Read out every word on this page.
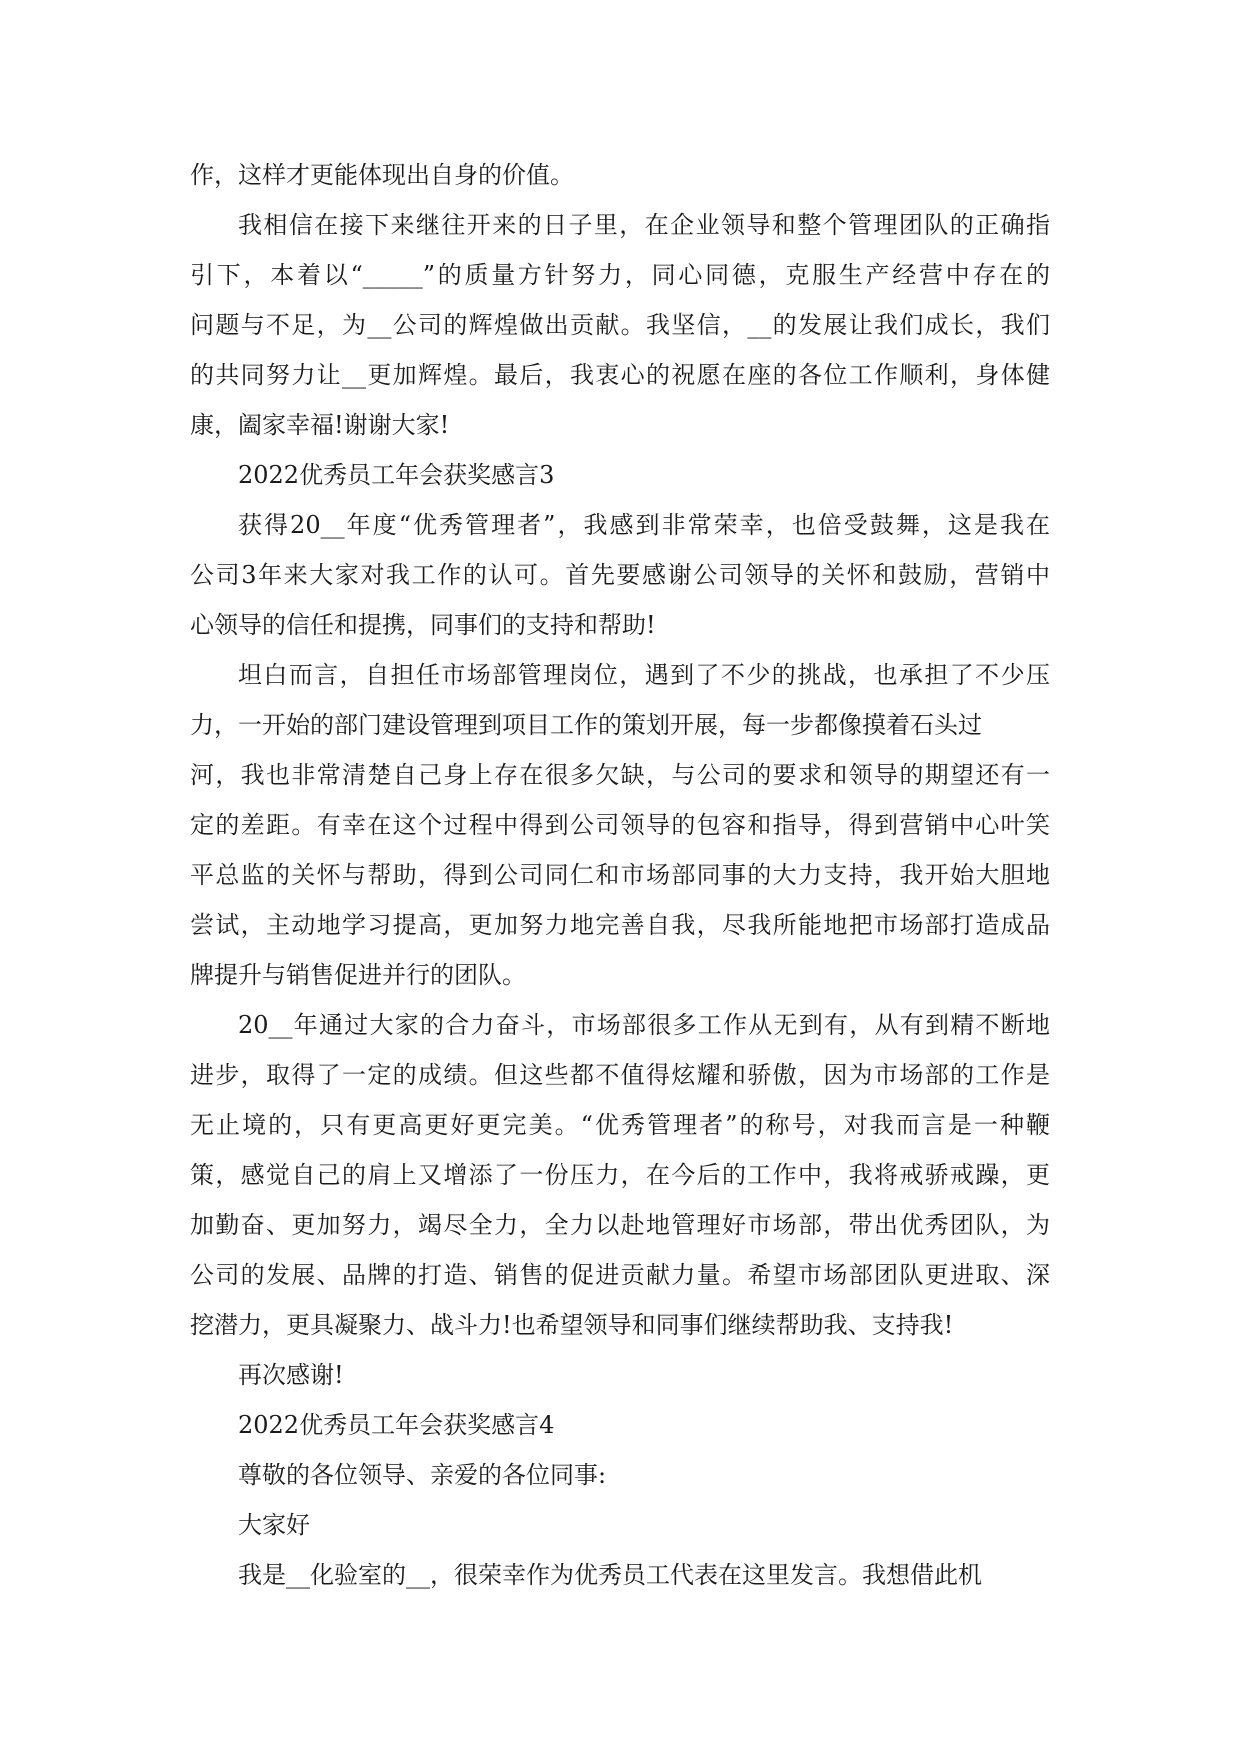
作，这样才更能体现出自身的价值。
我相信在接下来继往开来的日子里，在企业领导和整个管理团队的正确指
引下，本着以“_____”的质量方针努力，同心同德，克服生产经营中存在的
问题与不足，为__公司的辉煌做出贡献。我坚信，__的发展让我们成长，我们
的共同努力让__更加辉煌。最后，我衷心的祝愿在座的各位工作顺利，身体健
康，阖家幸福!谢谢大家!
2022优秀员工年会获奖感言3
获得20__年度“优秀管理者”，我感到非常荣幸，也倍受鼓舞，这是我在
公司3年来大家对我工作的认可。首先要感谢公司领导的关怀和鼓励，营销中
心领导的信任和提携，同事们的支持和帮助!
坦白而言，自担任市场部管理岗位，遇到了不少的挑战，也承担了不少压
力，一开始的部门建设管理到项目工作的策划开展，每一步都像摸着石头过
河，我也非常清楚自己身上存在很多欠缺，与公司的要求和领导的期望还有一
定的差距。有幸在这个过程中得到公司领导的包容和指导，得到营销中心叶笑
平总监的关怀与帮助，得到公司同仁和市场部同事的大力支持，我开始大胆地
尝试，主动地学习提高，更加努力地完善自我，尽我所能地把市场部打造成品
牌提升与销售促进并行的团队。
20__年通过大家的合力奋斗，市场部很多工作从无到有，从有到精不断地
进步，取得了一定的成绩。但这些都不值得炫耀和骄傲，因为市场部的工作是
无止境的，只有更高更好更完美。“优秀管理者”的称号，对我而言是一种鞭
策，感觉自己的肩上又增添了一份压力，在今后的工作中，我将戒骄戒躁，更
加勤奋、更加努力，竭尽全力，全力以赴地管理好市场部，带出优秀团队，为
公司的发展、品牌的打造、销售的促进贡献力量。希望市场部团队更进取、深
挖潜力，更具凝聚力、战斗力!也希望领导和同事们继续帮助我、支持我!
再次感谢!
2022优秀员工年会获奖感言4
尊敬的各位领导、亲爱的各位同事:
大家好
我是__化验室的__，很荣幸作为优秀员工代表在这里发言。我想借此机
